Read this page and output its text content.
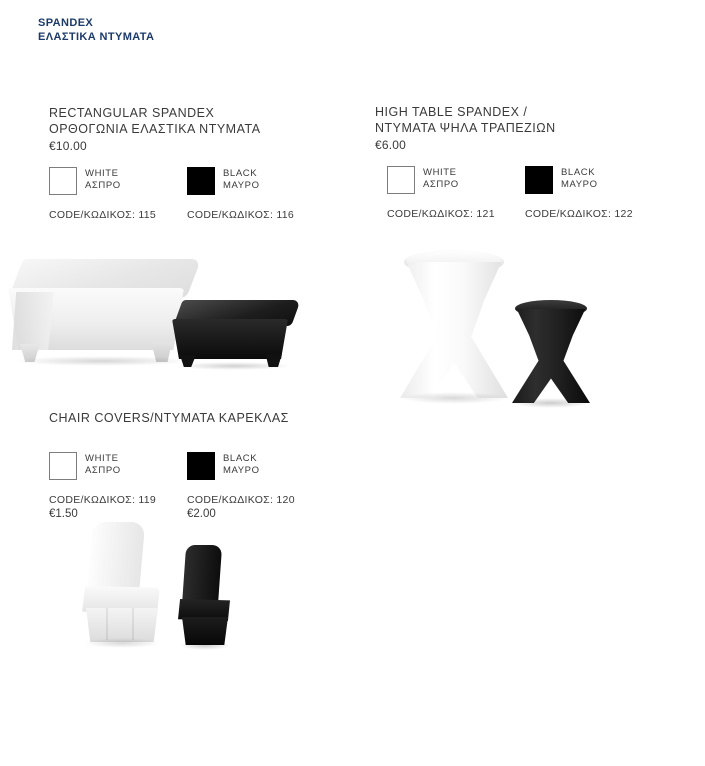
SPANDEX
ΕΛΑΣΤΙΚΑ ΝΤΥΜΑΤΑ
RECTANGULAR SPANDEX
ΟΡΘΟΓΩΝΙΑ ΕΛΑΣΤΙΚΑ ΝΤΥΜΑΤΑ
€10.00
WHITE
ΑΣΠΡΟ
CODE/ΚΩΔΙΚΟΣ: 115
BLACK
ΜΑΥΡΟ
CODE/ΚΩΔΙΚΟΣ: 116
HIGH TABLE SPANDEX /
ΝΤΥΜΑΤΑ ΨΗΛΑ ΤΡΑΠΕΖΙΩΝ
€6.00
WHITE
ΑΣΠΡΟ
CODE/ΚΩΔΙΚΟΣ: 121
BLACK
ΜΑΥΡΟ
CODE/ΚΩΔΙΚΟΣ: 122
CHAIR COVERS/ΝΤΥΜΑΤΑ ΚΑΡΕΚΛΑΣ
WHITE
ΑΣΠΡΟ
CODE/ΚΩΔΙΚΟΣ: 119
€1.50
BLACK
ΜΑΥΡΟ
CODE/ΚΩΔΙΚΟΣ: 120
€2.00
